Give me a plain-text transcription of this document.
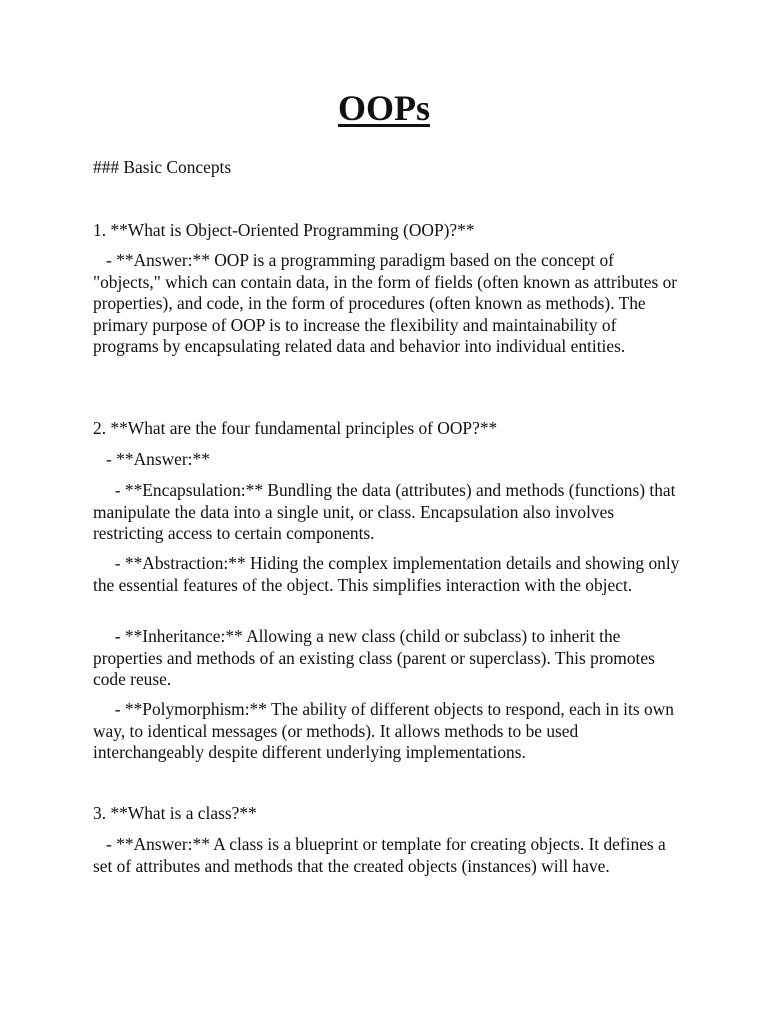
OOPs
### Basic Concepts
1. **What is Object-Oriented Programming (OOP)?**
- **Answer:** OOP is a programming paradigm based on the concept of "objects," which can contain data, in the form of fields (often known as attributes or properties), and code, in the form of procedures (often known as methods). The primary purpose of OOP is to increase the flexibility and maintainability of programs by encapsulating related data and behavior into individual entities.
2. **What are the four fundamental principles of OOP?**
- **Answer:**
- **Encapsulation:** Bundling the data (attributes) and methods (functions) that manipulate the data into a single unit, or class. Encapsulation also involves restricting access to certain components.
- **Abstraction:** Hiding the complex implementation details and showing only the essential features of the object. This simplifies interaction with the object.
- **Inheritance:** Allowing a new class (child or subclass) to inherit the properties and methods of an existing class (parent or superclass). This promotes code reuse.
- **Polymorphism:** The ability of different objects to respond, each in its own way, to identical messages (or methods). It allows methods to be used interchangeably despite different underlying implementations.
3. **What is a class?**
- **Answer:** A class is a blueprint or template for creating objects. It defines a set of attributes and methods that the created objects (instances) will have.
